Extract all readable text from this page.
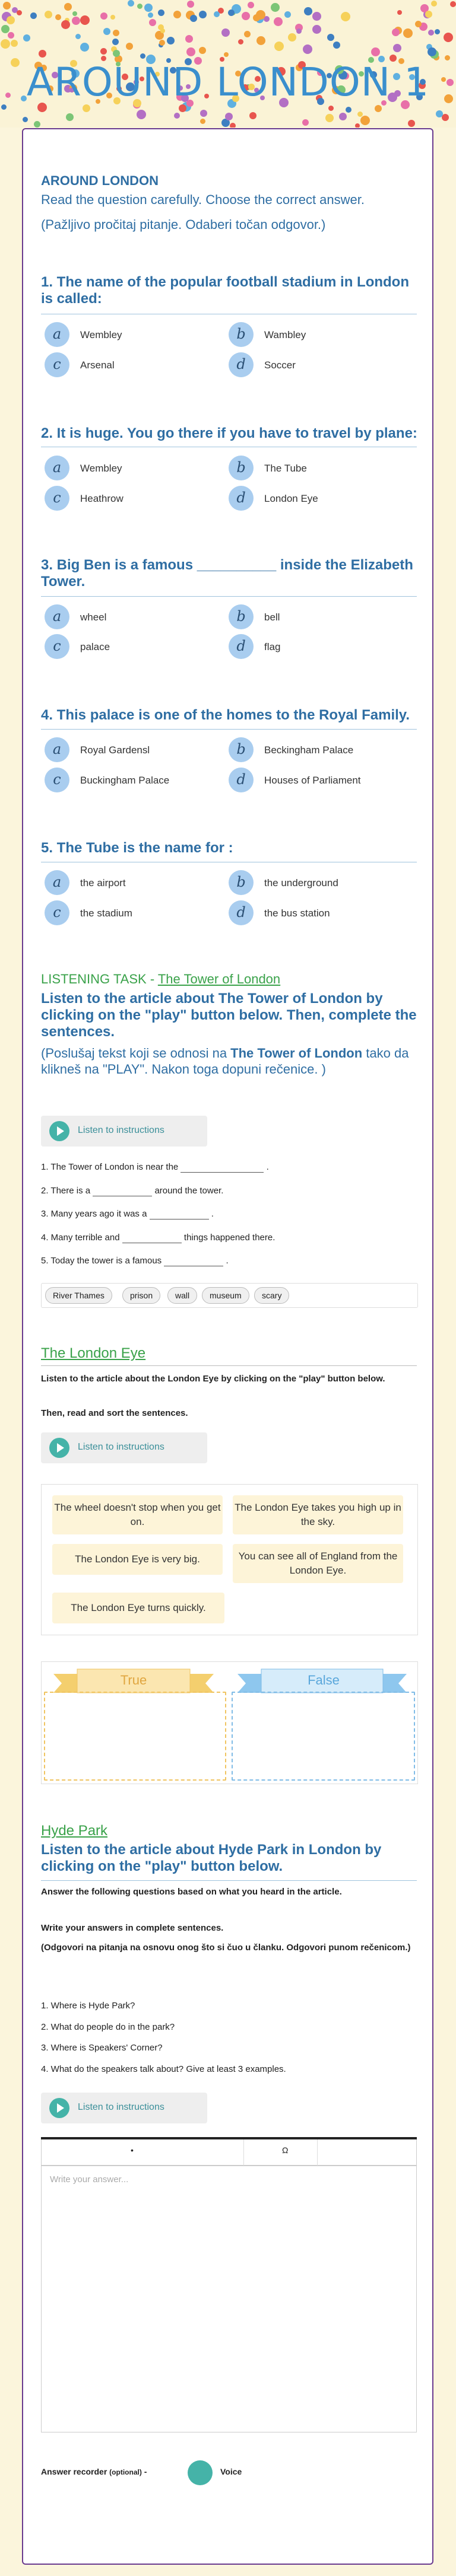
AROUND LONDON 1
AROUND LONDON
Read the question carefully. Choose the correct answer.
(Pažljivo pročitaj pitanje. Odaberi točan odgovor.)
1. The name of the popular football stadium in London is called:
a	Wembley	b	Wambley
c	Arsenal	d	Soccer
2. It is huge. You go there if you have to travel by plane:
a	Wembley	b	The Tube
c	Heathrow	d	London Eye
3. Big Ben is a famous __________ inside the Elizabeth Tower.
a	wheel	b	bell
c	palace	d	flag
4. This palace is one of the homes to the Royal Family.
a	Royal Gardensl	b	Beckingham Palace
c	Buckingham Palace	d	Houses of Parliament
5. The Tube is the name for :
a	the airport	b	the underground
c	the stadium	d	the bus station
LISTENING TASK - The Tower of London
Listen to the article about The Tower of London by clicking on the "play" button below. Then, complete the sentences.
(Poslušaj tekst koji se odnosi na The Tower of London tako da klikneš na "PLAY". Nakon toga dopuni rečenice. )
Listen to instructions
1. The Tower of London is near the	.
2. There is a	around the tower.
3. Many years ago it was a	.
4. Many terrible and	things happened there.
5. Today the tower is a famous	.
River Thames	prison	wall	museum	scary
The London Eye
Listen to the article about the London Eye by clicking on the "play" button below.
Then, read and sort the sentences.
Listen to instructions
The wheel doesn't stop when you get on.
The London Eye takes you high up in the sky.
The London Eye is very big.	You can see all of England from the London Eye.
The London Eye turns quickly.
True	False
Hyde Park
Listen to the article about Hyde Park in London by clicking on the "play" button below.
Answer the following questions based on what you heard in the article.
Write your answers in complete sentences.
(Odgovori na pitanja na osnovu onog što si čuo u članku. Odgovori punom rečenicom.)
1. Where is Hyde Park?
2. What do people do in the park?
3. Where is Speakers' Corner?
4. What do the speakers talk about? Give at least 3 examples.
Listen to instructions
•	Ω
Write your answer...
Answer recorder (optional) -	Voice
